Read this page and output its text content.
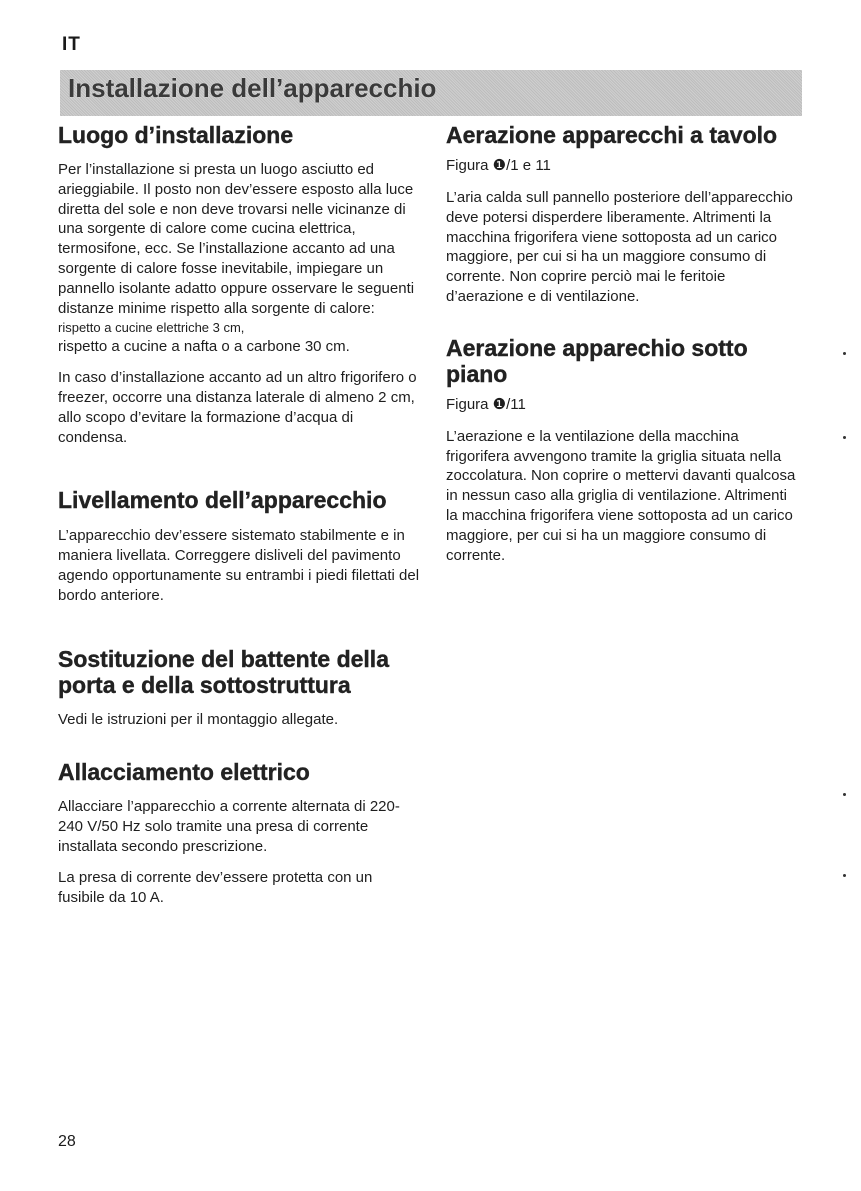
IT
Installazione dell’apparecchio
Luogo d’installazione

Per l’installazione si presta un luogo asciutto ed arieggiabile. Il posto non dev’essere esposto alla luce diretta del sole e non deve trovarsi nelle vicinanze di una sorgente di calore come cucina elettrica, termosifone, ecc. Se l’installazione accanto ad una sorgente di calore fosse inevitabile, impiegare un pannello isolante adatto oppure osservare le seguenti distanze minime rispetto alla sorgente di calore:

rispetto a cucine elettriche 3 cm,

rispetto a cucine a nafta o a carbone 30 cm.

In caso d’installazione accanto ad un altro frigorifero o freezer, occorre una distanza laterale di almeno 2 cm, allo scopo d’evitare la formazione d’acqua di condensa.

Livellamento dell’apparecchio

L’apparecchio dev’essere sistemato stabilmente e in maniera livellata. Correggere disliveli del pavimento agendo opportunamente su entrambi i piedi filettati del bordo anteriore.

Sostituzione del battente della porta e della sottostruttura

Vedi le istruzioni per il montaggio allegate.

Allacciamento elettrico

Allacciare l’apparecchio a corrente alternata di 220-240 V/50 Hz solo tramite una presa di corrente installata secondo prescrizione.

La presa di corrente dev’essere protetta con un fusibile da 10 A.

Aerazione apparecchi a tavolo

Figura ❶/1 e 11

L’aria calda sull pannello posteriore dell’apparecchio deve potersi disperdere liberamente. Altrimenti la macchina frigorifera viene sottoposta ad un carico maggiore, per cui si ha un maggiore consumo di corrente. Non coprire perciò mai le feritoie d’aerazione e di ventilazione.

Aerazione apparechio sotto piano

Figura ❶/11

L’aerazione e la ventilazione della macchina frigorifera avvengono tramite la griglia situata nella zoccolatura. Non coprire o mettervi davanti qualcosa in nessun caso alla griglia di ventilazione. Altrimenti la macchina frigorifera viene sottoposta ad un carico maggiore, per cui si ha un maggiore consumo di corrente.

28
